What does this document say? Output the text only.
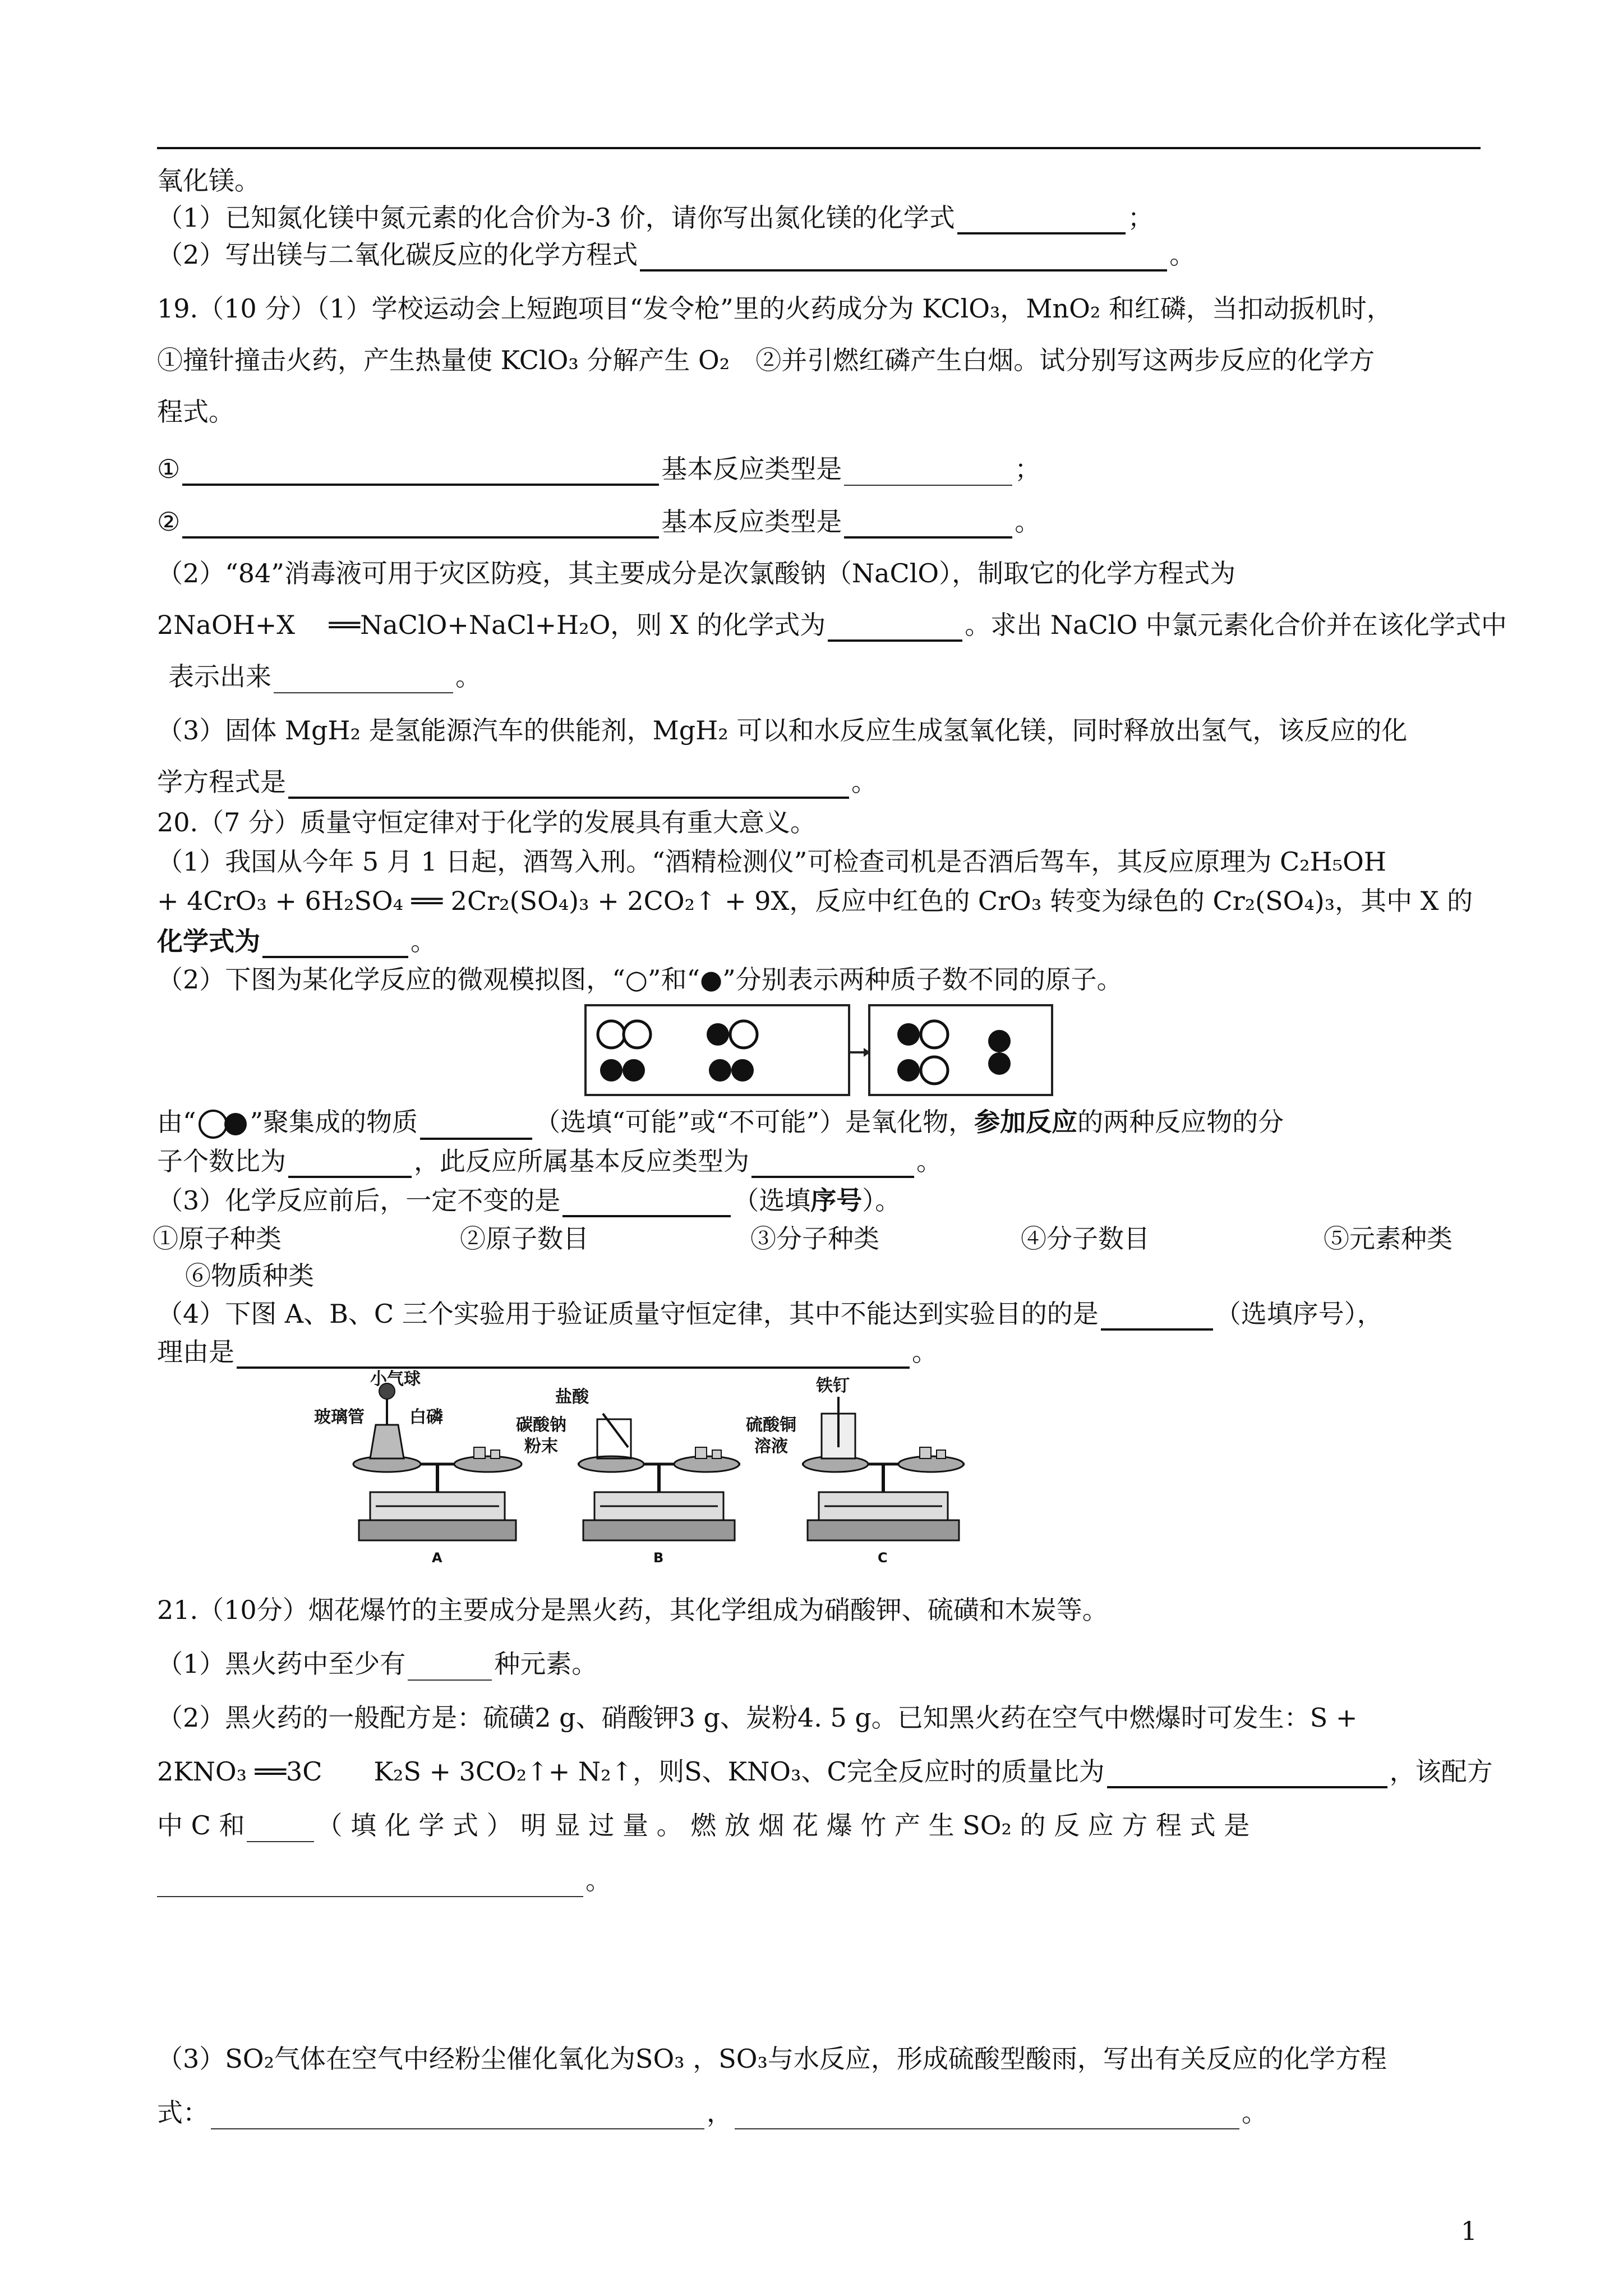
氧化镁。
（1）已知氮化镁中氮元素的化合价为-3 价，请你写出氮化镁的化学式	；
（2）写出镁与二氧化碳反应的化学方程式	。
19.（10 分）（1）学校运动会上短跑项目“发令枪”里的火药成分为 KClO₃，MnO₂ 和红磷，当扣动扳机时，
①撞针撞击火药，产生热量使 KClO₃ 分解产生 O₂　②并引燃红磷产生白烟。试分别写这两步反应的化学方
程式。
①	基本反应类型是	；
②	基本反应类型是	。
（2）“84”消毒液可用于灾区防疫，其主要成分是次氯酸钠（NaClO），制取它的化学方程式为
2NaOH+X　 ══NaClO+NaCl+H₂O，则 X 的化学式为	。求出 NaClO 中氯元素化合价并在该化学式中
表示出来	。
（3）固体 MgH₂ 是氢能源汽车的供能剂，MgH₂ 可以和水反应生成氢氧化镁，同时释放出氢气，该反应的化
学方程式是	。
20.（7 分）质量守恒定律对于化学的发展具有重大意义。
（1）我国从今年 5 月 1 日起，酒驾入刑。“酒精检测仪”可检查司机是否酒后驾车，其反应原理为 C₂H₅OH
+ 4CrO₃ + 6H₂SO₄ ══ 2Cr₂(SO₄)₃ + 2CO₂↑ + 9X，反应中红色的 CrO₃ 转变为绿色的 Cr₂(SO₄)₃，其中 X 的
化学式为	。
（2）下图为某化学反应的微观模拟图，“○”和“●”分别表示两种质子数不同的原子。
由“ ”聚集成的物质	（选填“可能”或“不可能”）是氧化物，参加反应的两种反应物的分
子个数比为	，此反应所属基本反应类型为	。
（3）化学反应前后，一定不变的是	（选填序号）。
①原子种类	②原子数目	③分子种类	④分子数目	⑤元素种类
⑥物质种类
（4）下图 A、B、C 三个实验用于验证质量守恒定律，其中不能达到实验目的的是	（选填序号），
理由是	。
小气球
玻璃管	白磷
A
盐酸
碳酸钠
粉末
B
铁钉
硫酸铜
溶液
C
21.（10分）烟花爆竹的主要成分是黑火药，其化学组成为硝酸钾、硫磺和木炭等。
（1）黑火药中至少有	种元素。
（2）黑火药的一般配方是：硫磺2 g、硝酸钾3 g、炭粉4. 5 g。已知黑火药在空气中燃爆时可发生：S +
2KNO₃ ══3C　　K₂S + 3CO₂↑+ N₂↑，则S、KNO₃、C完全反应时的质量比为	，该配方
中 C 和	（ 填 化 学 式 ） 明 显 过 量 。 燃 放 烟 花 爆 竹 产 生 SO₂ 的 反 应 方 程 式 是
。
（3）SO₂气体在空气中经粉尘催化氧化为SO₃ ，SO₃与水反应，形成硫酸型酸雨，写出有关反应的化学方程
式：	，	。
1
